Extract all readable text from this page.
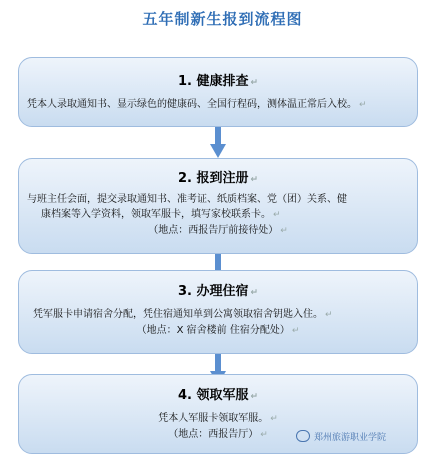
五年制新生报到流程图
1. 健康排查 ↵
凭本人录取通知书、显示绿色的健康码、全国行程码，测体温正常后入校。 ↵
2. 报到注册 ↵
与班主任会面，提交录取通知书、准考证、纸质档案、党（团）关系、健
康档案等入学资料，领取军服卡，填写家校联系卡。 ↵
（地点：西报告厅前接待处） ↵
3. 办理住宿 ↵
凭军服卡申请宿舍分配，凭住宿通知单到公寓领取宿舍钥匙入住。 ↵
（地点：X 宿舍楼前 住宿分配处） ↵
4. 领取军服 ↵
凭本人军服卡领取军服。 ↵
（地点：西报告厅） ↵	郑州旅游职业学院
